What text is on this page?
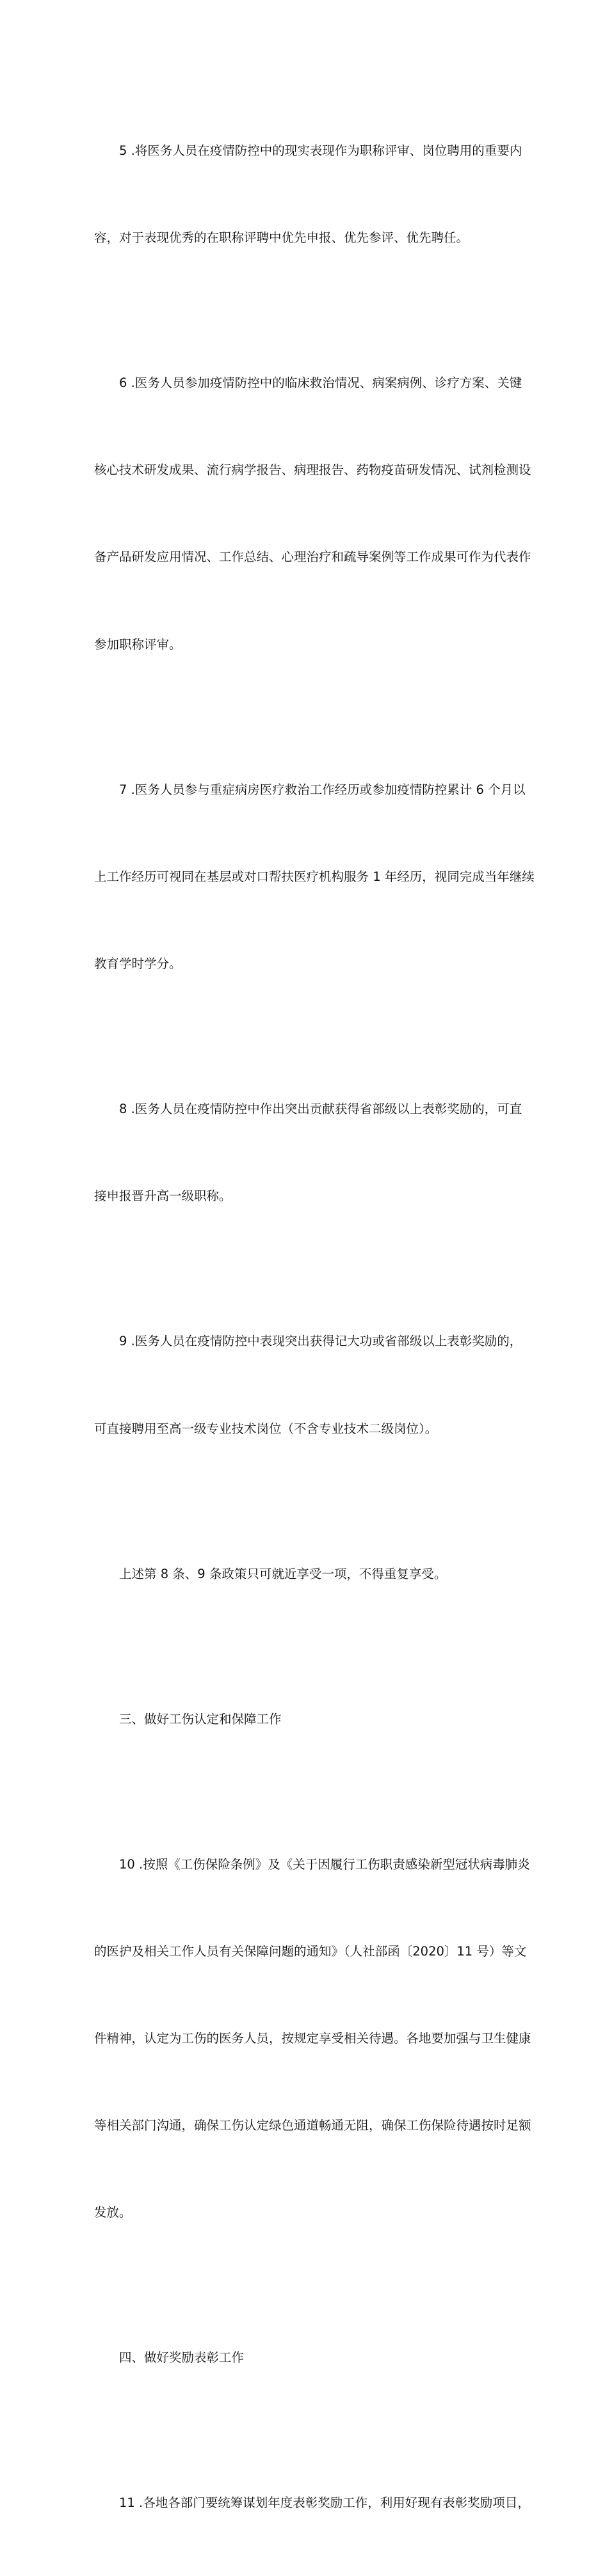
5 .将医务人员在疫情防控中的现实表现作为职称评审、岗位聘用的重要内

容，对于表现优秀的在职称评聘中优先申报、优先参评、优先聘任。

6 .医务人员参加疫情防控中的临床救治情况、病案病例、诊疗方案、关键

核心技术研发成果、流行病学报告、病理报告、药物疫苗研发情况、试剂检测设

备产品研发应用情况、工作总结、心理治疗和疏导案例等工作成果可作为代表作

参加职称评审。

7 .医务人员参与重症病房医疗救治工作经历或参加疫情防控累计 6 个月以

上工作经历可视同在基层或对口帮扶医疗机构服务 1 年经历，视同完成当年继续

教育学时学分。

8 .医务人员在疫情防控中作出突出贡献获得省部级以上表彰奖励的，可直

接申报晋升高一级职称。

9 .医务人员在疫情防控中表现突出获得记大功或省部级以上表彰奖励的，

可直接聘用至高一级专业技术岗位（不含专业技术二级岗位）。

上述第 8 条、9 条政策只可就近享受一项，不得重复享受。

三、做好工伤认定和保障工作

10 .按照《工伤保险条例》及《关于因履行工伤职责感染新型冠状病毒肺炎

的医护及相关工作人员有关保障问题的通知》（人社部函〔2020〕11 号）等文

件精神，认定为工伤的医务人员，按规定享受相关待遇。各地要加强与卫生健康

等相关部门沟通，确保工伤认定绿色通道畅通无阻，确保工伤保险待遇按时足额

发放。

四、做好奖励表彰工作

11 .各地各部门要统筹谋划年度表彰奖励工作，利用好现有表彰奖励项目，
